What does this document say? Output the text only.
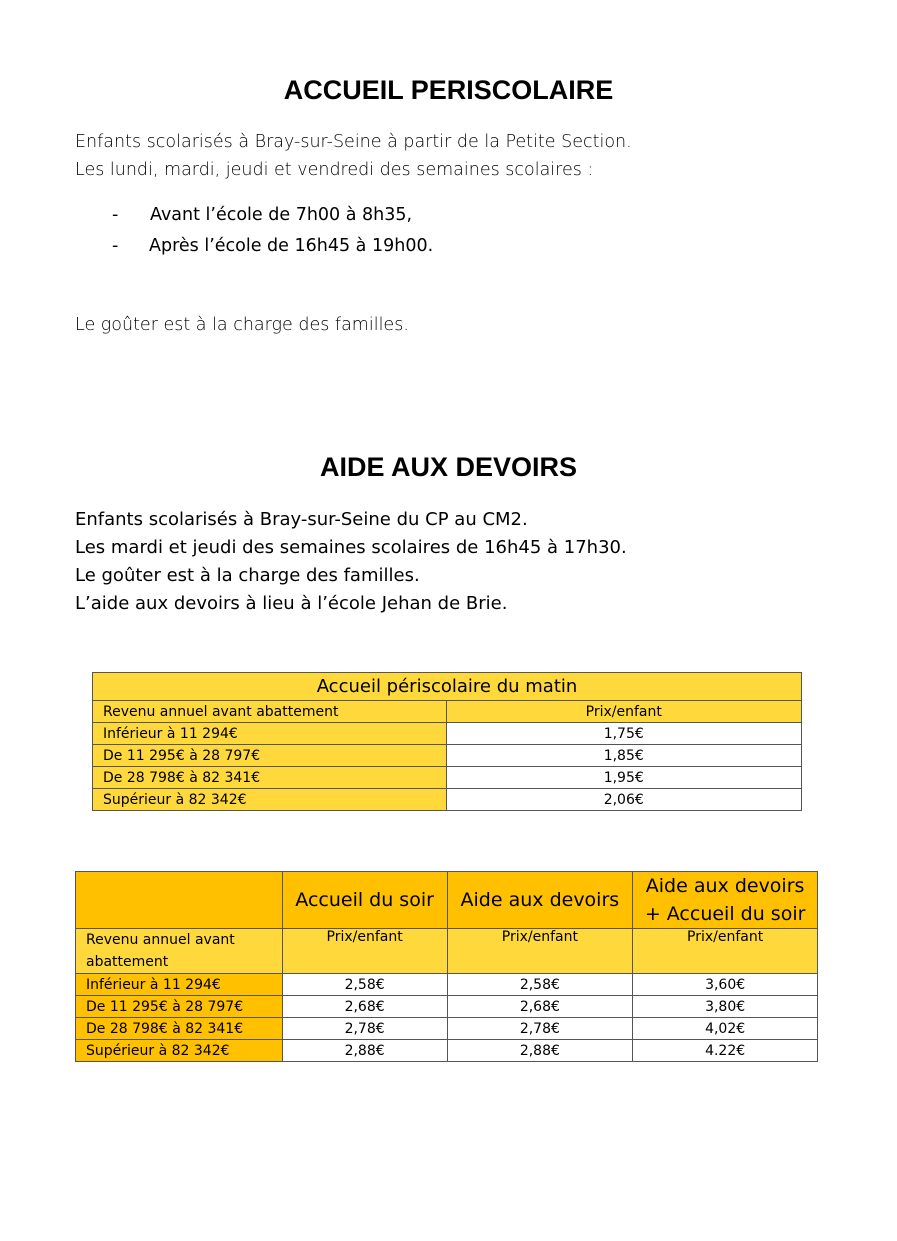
ACCUEIL PERISCOLAIRE
Enfants scolarisés à Bray-sur-Seine à partir de la Petite Section.
Les lundi, mardi, jeudi et vendredi des semaines scolaires :
- Avant l’école de 7h00 à 8h35,
- Après l’école de 16h45 à 19h00.
Le goûter est à la charge des familles.
AIDE AUX DEVOIRS
Enfants scolarisés à Bray-sur-Seine du CP au CM2.
Les mardi et jeudi des semaines scolaires de 16h45 à 17h30.
Le goûter est à la charge des familles.
L’aide aux devoirs à lieu à l’école Jehan de Brie.
Accueil périscolaire du matin	
Revenu annuel avant abattement	Prix/enfant
Inférieur à 11 294€	1,75€
De 11 295€ à 28 797€	1,85€
De 28 798€ à 82 341€	1,95€
Supérieur à 82 342€	2,06€
	Accueil du soir	Aide aux devoirs	Aide aux devoirs
+ Accueil du soir
Revenu annuel avant
abattement	Prix/enfant	Prix/enfant	Prix/enfant
Inférieur à 11 294€	2,58€	2,58€	3,60€
De 11 295€ à 28 797€	2,68€	2,68€	3,80€
De 28 798€ à 82 341€	2,78€	2,78€	4,02€
Supérieur à 82 342€	2,88€	2,88€	4.22€
